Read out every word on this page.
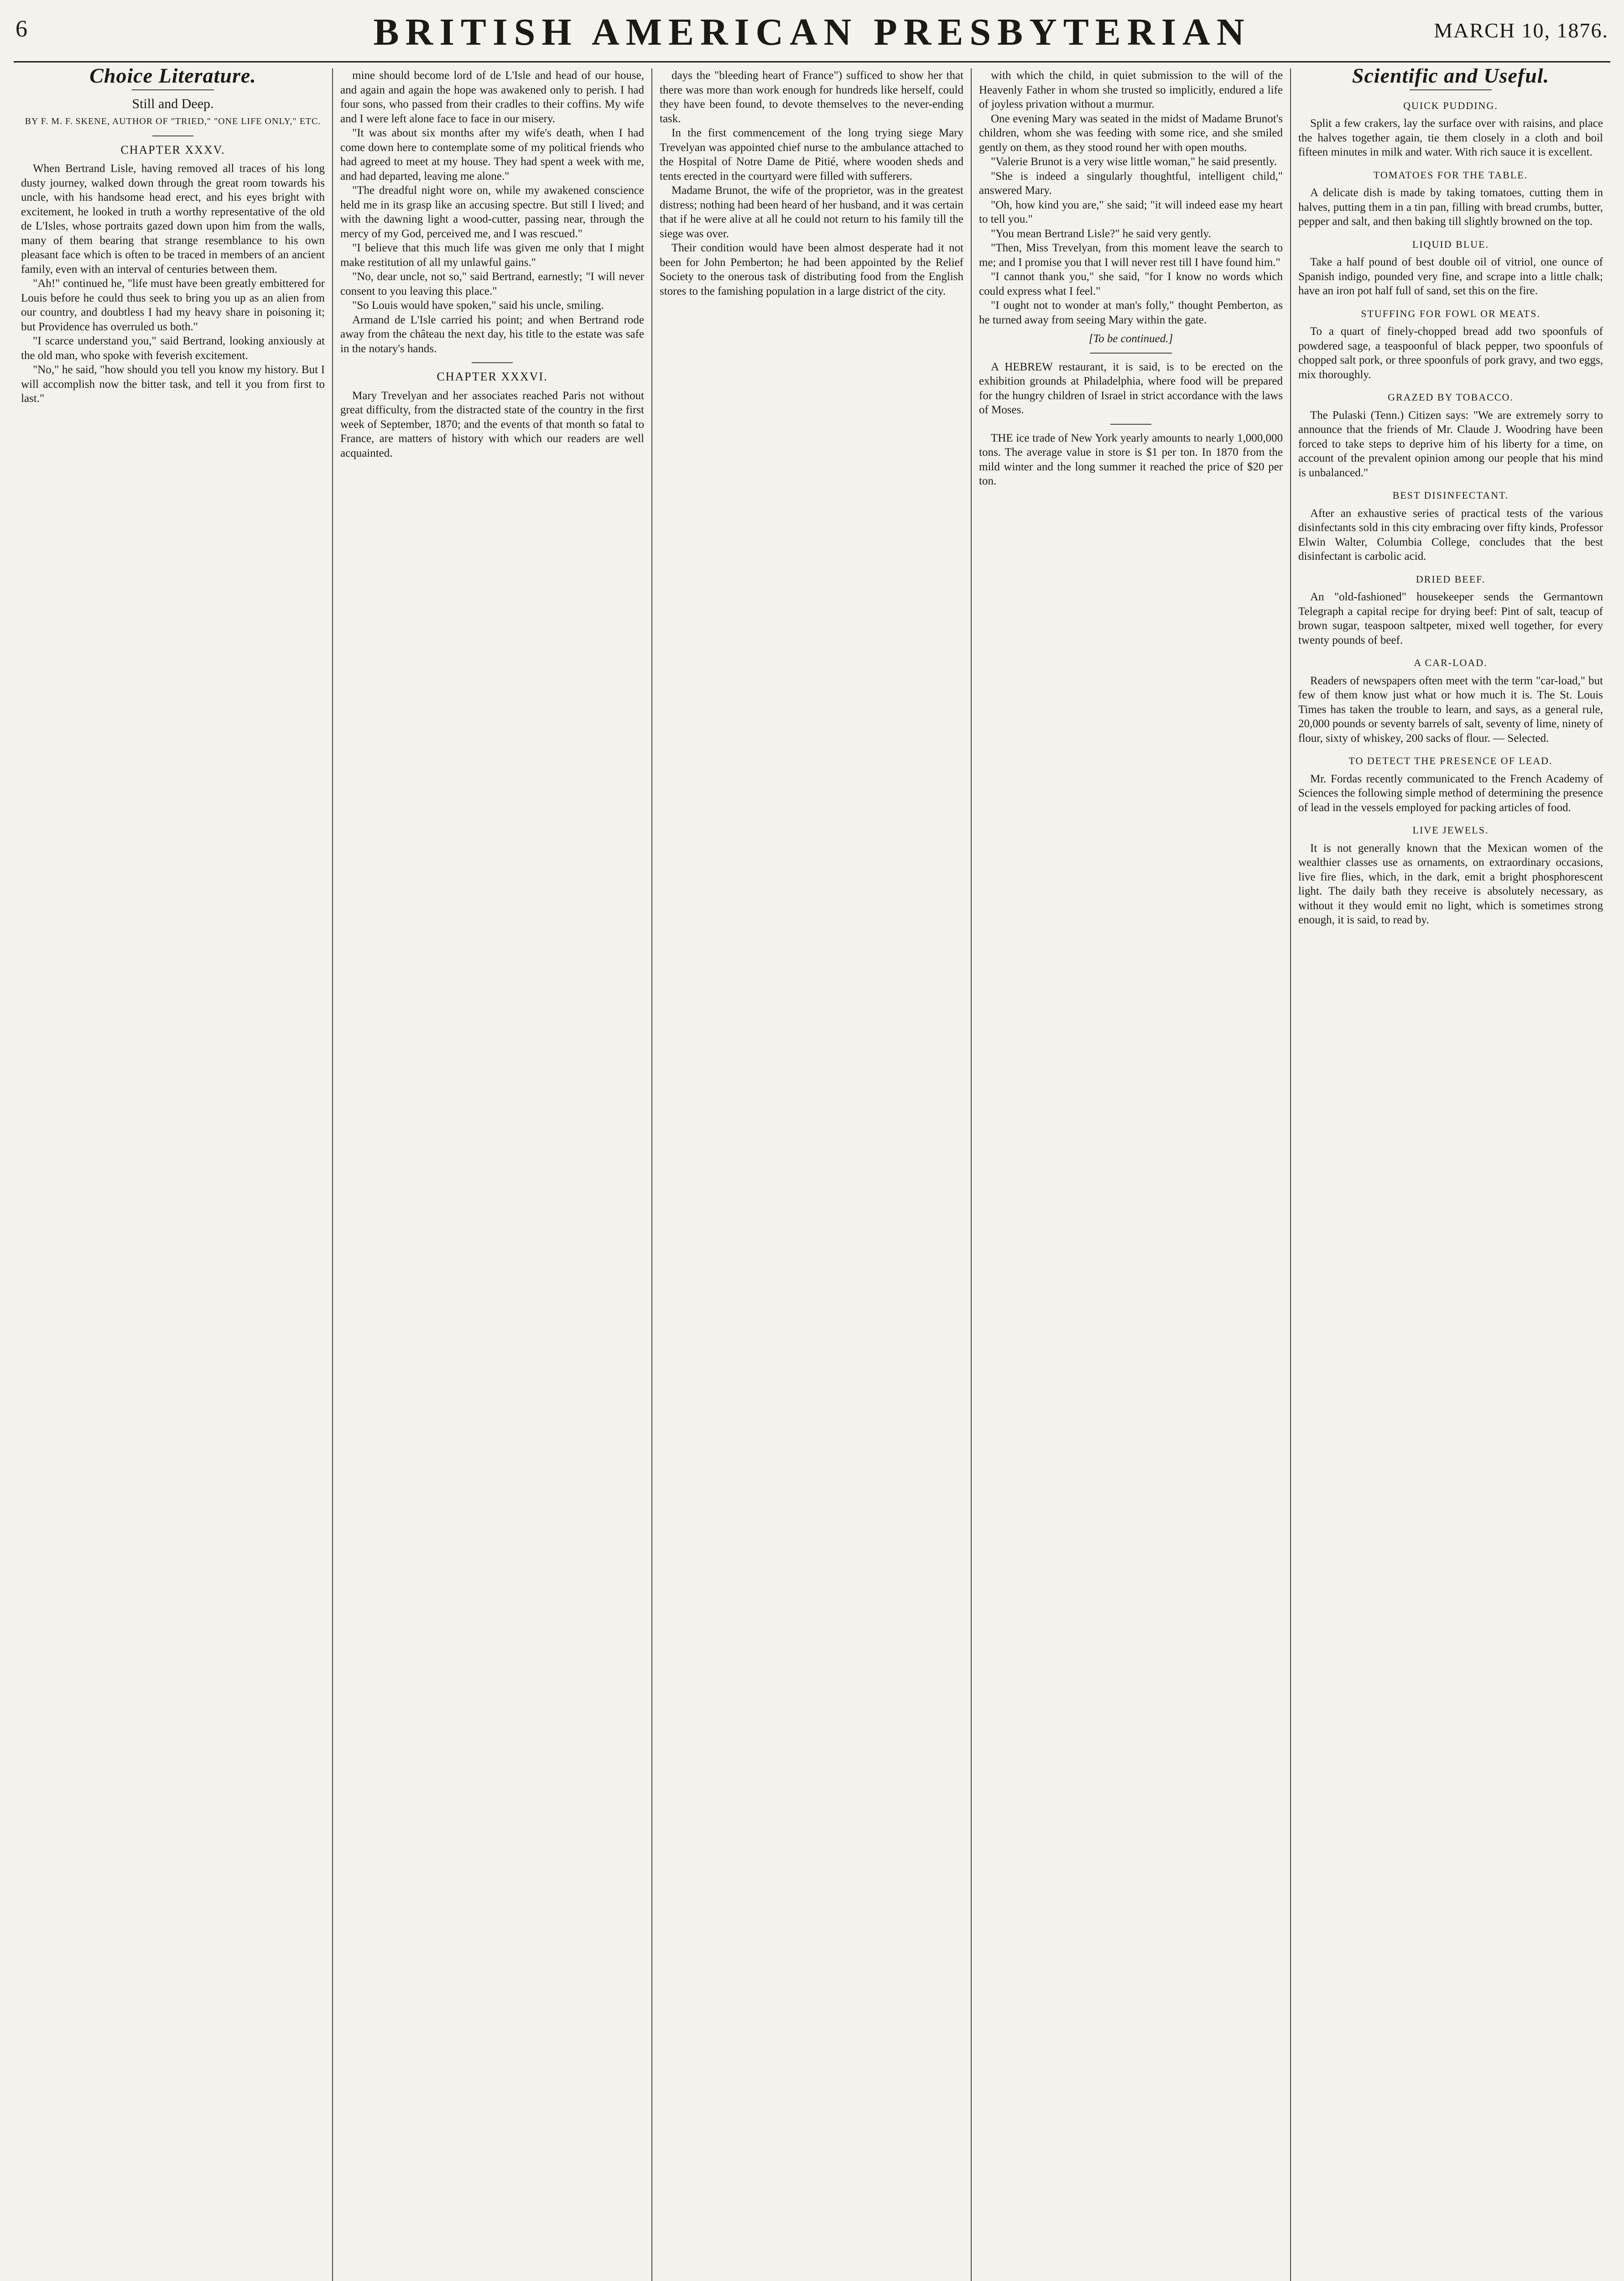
6	BRITISH AMERICAN PRESBYTERIAN	MARCH 10, 1876.
Choice Literature.
Still and Deep.
BY F. M. F. SKENE, AUTHOR OF "TRIED," "ONE LIFE ONLY," ETC.
CHAPTER XXXV.

When Bertrand Lisle, having removed all traces of his long dusty journey, walked down through the great room towards his uncle, with his handsome head erect, and his eyes bright with excitement, he looked in truth a worthy representative of the old de L'Isles, whose portraits gazed down upon him from the walls, many of them bearing that strange resemblance to his own pleasant face which is often to be traced in members of an ancient family, even with an interval of centuries between them.

"Ah!" continued he, "life must have been greatly embittered for Louis before he could thus seek to bring you up as an alien from our country, and doubtless I had my heavy share in poisoning it; but Providence has overruled us both."

"I scarce understand you," said Bertrand, looking anxiously at the old man, who spoke with feverish excitement.

"No," he said, "how should you tell you know my history. But I will accomplish now the bitter task, and tell it you from first to last."

mine should become lord of de L'Isle and head of our house, and again and again the hope was awakened only to perish. I had four sons, who passed from their cradles to their coffins. My wife and I were left alone face to face in our misery.

"It was about six months after my wife's death, when I had come down here to contemplate some of my political friends who had agreed to meet at my house. They had spent a week with me, and had departed, leaving me alone."

"The dreadful night wore on, while my awakened conscience held me in its grasp like an accusing spectre. But still I lived; and with the dawning light a wood-cutter, passing near, through the mercy of my God, perceived me, and I was rescued."

"I believe that this much life was given me only that I might make restitution of all my unlawful gains."

"No, dear uncle, not so," said Bertrand, earnestly; "I will never consent to you leaving this place."

"So Louis would have spoken," said his uncle, smiling.

Armand de L'Isle carried his point; and when Bertrand rode away from the château the next day, his title to the estate was safe in the notary's hands.

CHAPTER XXXVI.

Mary Trevelyan and her associates reached Paris not without great difficulty, from the distracted state of the country in the first week of September, 1870; and the events of that month so fatal to France, are matters of history with which our readers are well acquainted.

days the "bleeding heart of France") sufficed to show her that there was more than work enough for hundreds like herself, could they have been found, to devote themselves to the never-ending task.

In the first commencement of the long trying siege Mary Trevelyan was appointed chief nurse to the ambulance attached to the Hospital of Notre Dame de Pitié, where wooden sheds and tents erected in the courtyard were filled with sufferers.

Madame Brunot, the wife of the proprietor, was in the greatest distress; nothing had been heard of her husband, and it was certain that if he were alive at all he could not return to his family till the siege was over.

Their condition would have been almost desperate had it not been for John Pemberton; he had been appointed by the Relief Society to the onerous task of distributing food from the English stores to the famishing population in a large district of the city.

with which the child, in quiet submission to the will of the Heavenly Father in whom she trusted so implicitly, endured a life of joyless privation without a murmur.

One evening Mary was seated in the midst of Madame Brunot's children, whom she was feeding with some rice, and she smiled gently on them, as they stood round her with open mouths.

"Valerie Brunot is a very wise little woman," he said presently.

"She is indeed a singularly thoughtful, intelligent child," answered Mary.

"Oh, how kind you are," she said; "it will indeed ease my heart to tell you."

"You mean Bertrand Lisle?" he said very gently.

"Then, Miss Trevelyan, from this moment leave the search to me; and I promise you that I will never rest till I have found him."

"I cannot thank you," she said, "for I know no words which could express what I feel."

"I ought not to wonder at man's folly," thought Pemberton, as he turned away from seeing Mary within the gate.

[To be continued.]

A HEBREW restaurant, it is said, is to be erected on the exhibition grounds at Philadelphia, where food will be prepared for the hungry children of Israel in strict accordance with the laws of Moses.

THE ice trade of New York yearly amounts to nearly 1,000,000 tons. The average value in store is $1 per ton. In 1870 from the mild winter and the long summer it reached the price of $20 per ton.

Scientific and Useful.
QUICK PUDDING.

Split a few crakers, lay the surface over with raisins, and place the halves together again, tie them closely in a cloth and boil fifteen minutes in milk and water. With rich sauce it is excellent.

TOMATOES FOR THE TABLE.

A delicate dish is made by taking tomatoes, cutting them in halves, putting them in a tin pan, filling with bread crumbs, butter, pepper and salt, and then baking till slightly browned on the top.

LIQUID BLUE.

Take a half pound of best double oil of vitriol, one ounce of Spanish indigo, pounded very fine, and scrape into a little chalk; have an iron pot half full of sand, set this on the fire.

STUFFING FOR FOWL OR MEATS.

To a quart of finely-chopped bread add two spoonfuls of powdered sage, a teaspoonful of black pepper, two spoonfuls of chopped salt pork, or three spoonfuls of pork gravy, and two eggs, mix thoroughly.

GRAZED BY TOBACCO.

The Pulaski (Tenn.) Citizen says: "We are extremely sorry to announce that the friends of Mr. Claude J. Woodring have been forced to take steps to deprive him of his liberty for a time, on account of the prevalent opinion among our people that his mind is unbalanced."

BEST DISINFECTANT.

After an exhaustive series of practical tests of the various disinfectants sold in this city embracing over fifty kinds, Professor Elwin Walter, Columbia College, concludes that the best disinfectant is carbolic acid.

DRIED BEEF.

An "old-fashioned" housekeeper sends the Germantown Telegraph a capital recipe for drying beef: Pint of salt, teacup of brown sugar, teaspoon saltpeter, mixed well together, for every twenty pounds of beef.

A CAR-LOAD.

Readers of newspapers often meet with the term "car-load," but few of them know just what or how much it is. The St. Louis Times has taken the trouble to learn, and says, as a general rule, 20,000 pounds or seventy barrels of salt, seventy of lime, ninety of flour, sixty of whiskey, 200 sacks of flour. — Selected.

TO DETECT THE PRESENCE OF LEAD.

Mr. Fordas recently communicated to the French Academy of Sciences the following simple method of determining the presence of lead in the vessels employed for packing articles of food.

LIVE JEWELS.

It is not generally known that the Mexican women of the wealthier classes use as ornaments, on extraordinary occasions, live fire flies, which, in the dark, emit a bright phosphorescent light. The daily bath they receive is absolutely necessary, as without it they would emit no light, which is sometimes strong enough, it is said, to read by.
